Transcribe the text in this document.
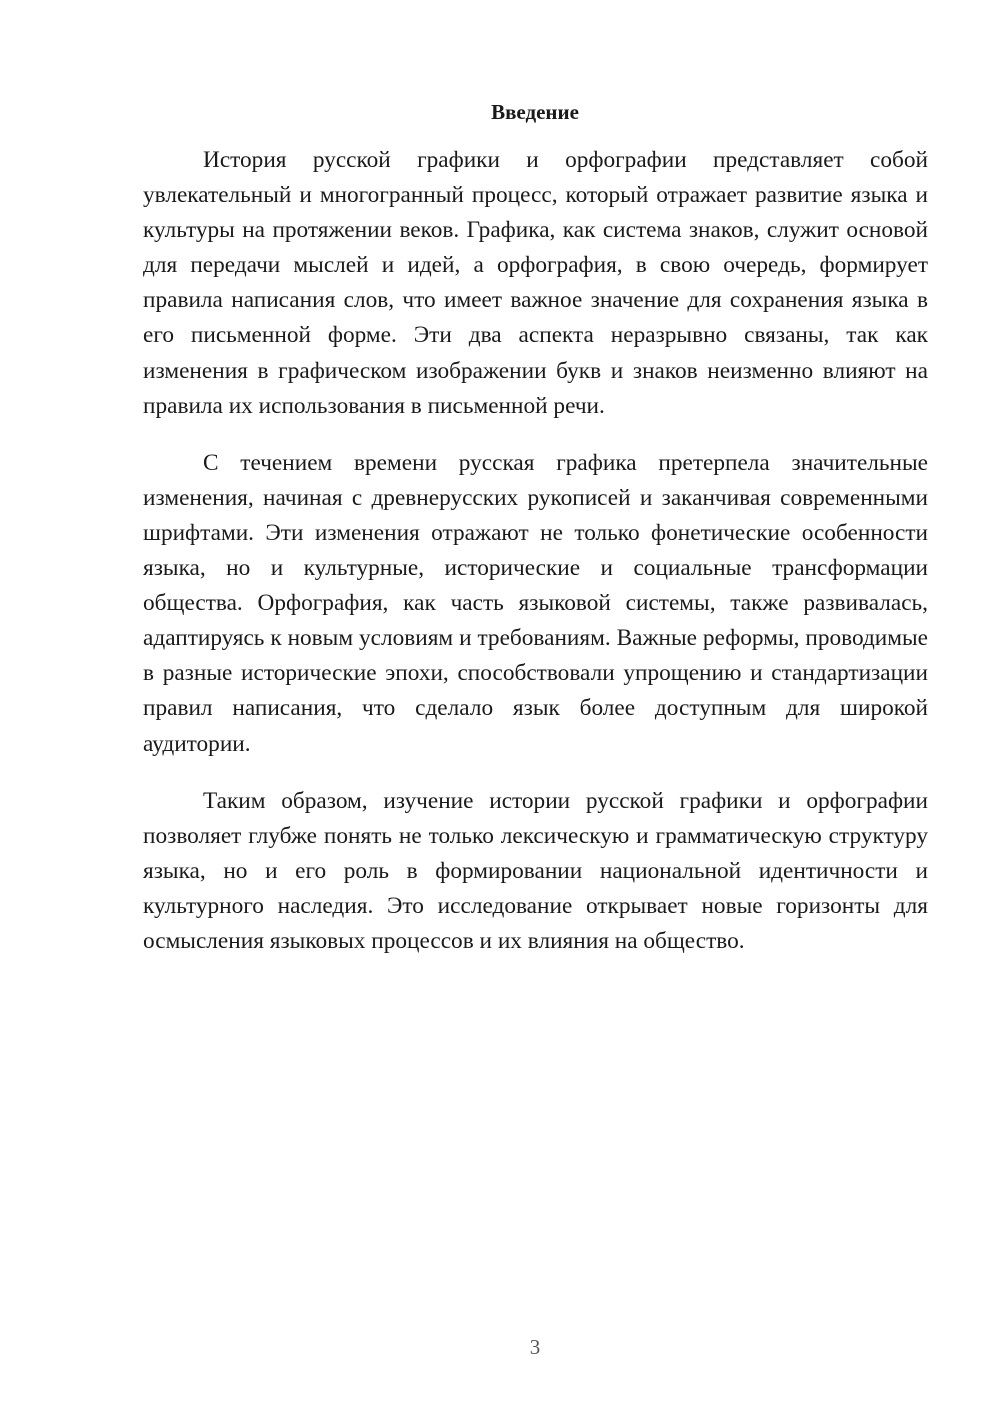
Введение

История русской графики и орфографии представляет собой увлекательный и многогранный процесс, который отражает развитие языка и культуры на протяжении веков. Графика, как система знаков, служит основой для передачи мыслей и идей, а орфография, в свою очередь, формирует правила написания слов, что имеет важное значение для сохранения языка в его письменной форме. Эти два аспекта неразрывно связаны, так как изменения в графическом изображении букв и знаков неизменно влияют на правила их использования в письменной речи.

С течением времени русская графика претерпела значительные изменения, начиная с древнерусских рукописей и заканчивая современными шрифтами. Эти изменения отражают не только фонетические особенности языка, но и культурные, исторические и социальные трансформации общества. Орфография, как часть языковой системы, также развивалась, адаптируясь к новым условиям и требованиям. Важные реформы, проводимые в разные исторические эпохи, способствовали упрощению и стандартизации правил написания, что сделало язык более доступным для широкой аудитории.

Таким образом, изучение истории русской графики и орфографии позволяет глубже понять не только лексическую и грамматическую структуру языка, но и его роль в формировании национальной идентичности и культурного наследия. Это исследование открывает новые горизонты для осмысления языковых процессов и их влияния на общество.

3
